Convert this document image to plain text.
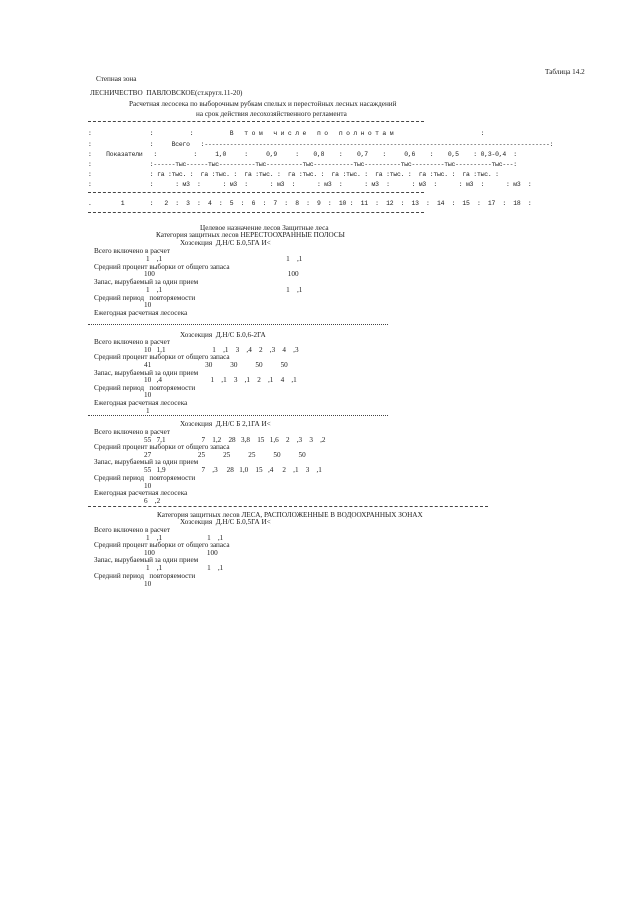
Таблица 14.2
Степная зона
ЛЕСНИЧЕСТВО  ПАВЛОВСКОЕ(ст.кругл.11-20)
Расчетная лесосека по выборочным рубкам спелых и перестойных лесных насаждений
на срок действия лесохозяйственного регламента
:                :          :          В   т о м   ч и с л е   п о   п о л н о т а м                        :
:                :     Всего   :-----------------------------------------------------------------------------------------------:
:    Показатели   :          :     1,0     :     0,9     :    0,8    :    0,7    :     0,6    :    0,5    : 0,3-0,4  :
:                :------тыс------тыс----------тыс----------тыс-----------тыс----------тыс---------тыс----------тыс---:
:                : га :тыс. :  га :тыс. :  га :тыс. :  га :тыс. :  га :тыс. :  га :тыс. :  га :тыс. :  га :тыс. :
:                :      : м3  :      : м3  :      : м3  :      : м3  :      : м3  :      : м3  :      : м3  :      : м3  :
.        1       :   2  :  3  :  4  :  5  :  6  :  7  :  8  :  9  :  10 :  11  :  12  :  13  :  14  :  15  :  17  :  18  :
Целевое назначение лесов Защитные леса
Категория защитных лесов НЕРЕСТООХРАННЫЕ ПОЛОСЫ
Хозсекция  Д.Н/С Б.0,5ГА И<
Всего включено в расчет
1    ,1                                                                     1    ,1
Средний процент выборки от общего запаса
100                                                                          100
Запас, вырубаемый за один прием
1    ,1                                                                     1    ,1
Средний период   повторяемости
10
Ежегодная расчетная лесосека
Хозсекция  Д.Н/С Б.0,6-2ГА
Всего включено в расчет
10   1,1                          1    ,1    3    ,4    2    ,3    4    ,3
Средний процент выборки от общего запаса
41                              30          30          50          50
Запас, вырубаемый за один прием
10   ,4                           1    ,1    3    ,1    2    ,1    4    ,1
Средний период   повторяемости
10
Ежегодная расчетная лесосека
1
Хозсекция  Д.Н/С Б 2,1ГА И<
Всего включено в расчет
55   7,1                    7    1,2    28   3,8    15   1,6    2    ,3    3    ,2
Средний процент выборки от общего запаса
27                          25          25          25          50          50
Запас, вырубаемый за один прием
55   1,9                    7    ,3     28   1,0    15   ,4     2    ,1    3    ,1
Средний период   повторяемости
10
Ежегодная расчетная лесосека
6    ,2
Категория защитных лесов ЛЕСА, РАСПОЛОЖЕННЫЕ В ВОДООХРАННЫХ ЗОНАХ
Хозсекция  Д.Н/С Б.0,5ГА И<
Всего включено в расчет
1    ,1                         1    ,1
Средний процент выборки от общего запаса
100                             100
Запас, вырубаемый за один прием
1    ,1                         1    ,1
Средний период   повторяемости
10
